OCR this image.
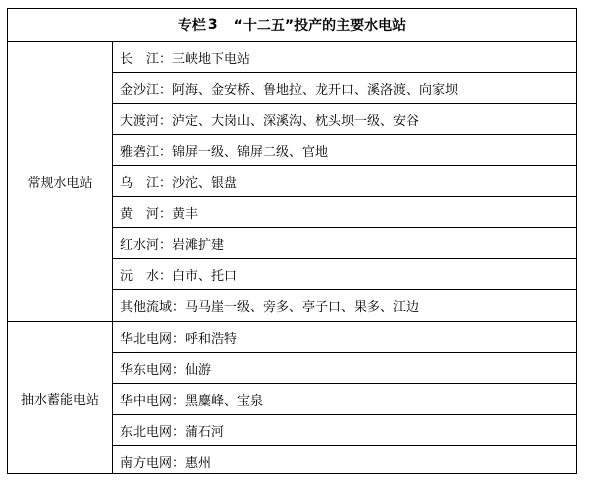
专栏 3 “十二五”投产的主要水电站
常规水电站
长　江 ： 三峡地下电站
金沙江 ： 阿海、金安桥、鲁地拉、龙开口、溪洛渡、向家坝
大渡河 ： 泸定、大岗山、深溪沟、枕头坝一级、安谷
雅砻江 ： 锦屏一级、锦屏二级、官地
乌　江 ： 沙沱、银盘
黄　河 ： 黄丰
红水河 ： 岩滩扩建
沅　水 ： 白市、托口
其他流域 ： 马马崖一级、旁多、亭子口、果多、江边
抽水蓄能电站
华北电网 ： 呼和浩特
华东电网 ： 仙游
华中电网 ： 黑麋峰、宝泉
东北电网 ： 蒲石河
南方电网 ： 惠州
